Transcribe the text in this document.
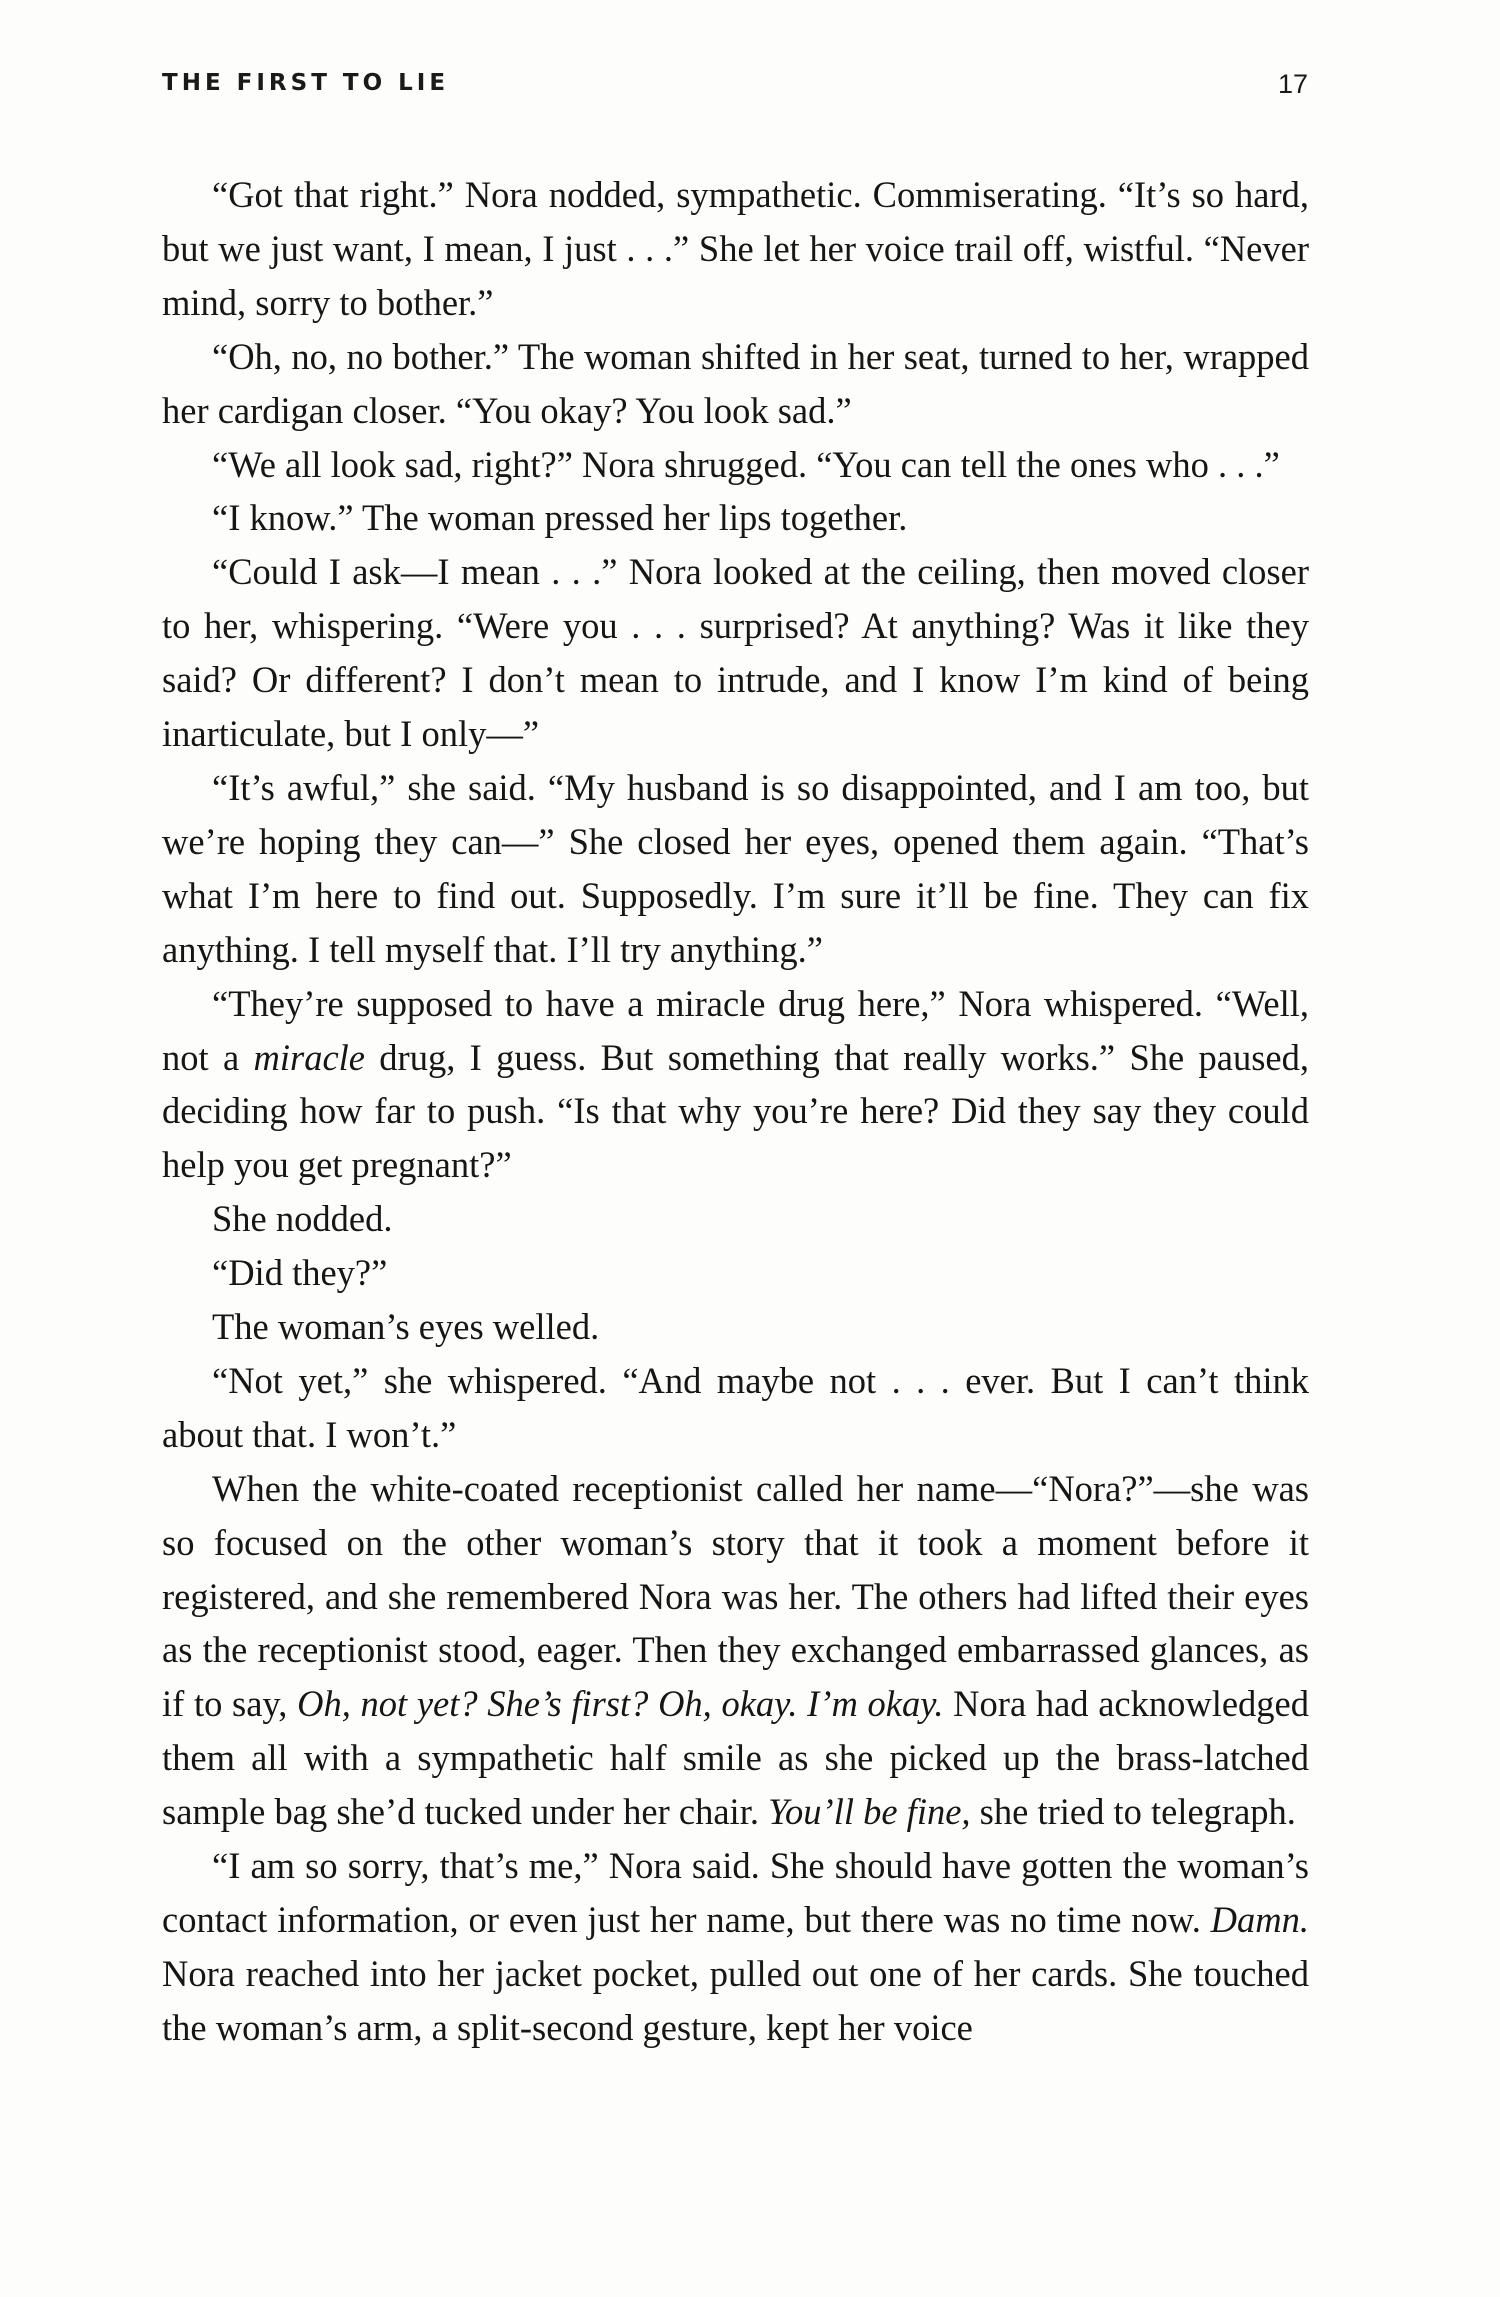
THE FIRST TO LIE	17

“Got that right.” Nora nodded, sympathetic. Commiserating. “It’s so hard, but we just want, I mean, I just . . .” She let her voice trail off, wistful. “Never mind, sorry to bother.”

“Oh, no, no bother.” The woman shifted in her seat, turned to her, wrapped her cardigan closer. “You okay? You look sad.”

“We all look sad, right?” Nora shrugged. “You can tell the ones who . . .”

“I know.” The woman pressed her lips together.

“Could I ask—I mean . . .” Nora looked at the ceiling, then moved closer to her, whispering. “Were you . . . surprised? At anything? Was it like they said? Or different? I don’t mean to intrude, and I know I’m kind of being inarticulate, but I only—”

“It’s awful,” she said. “My husband is so disappointed, and I am too, but we’re hoping they can—” She closed her eyes, opened them again. “That’s what I’m here to find out. Supposedly. I’m sure it’ll be fine. They can fix anything. I tell myself that. I’ll try anything.”

“They’re supposed to have a miracle drug here,” Nora whispered. “Well, not a miracle drug, I guess. But something that really works.” She paused, deciding how far to push. “Is that why you’re here? Did they say they could help you get pregnant?”

She nodded.

“Did they?”

The woman’s eyes welled.

“Not yet,” she whispered. “And maybe not . . . ever. But I can’t think about that. I won’t.”

When the white-coated receptionist called her name—“Nora?”—she was so focused on the other woman’s story that it took a moment before it registered, and she remembered Nora was her. The others had lifted their eyes as the receptionist stood, eager. Then they exchanged embarrassed glances, as if to say, Oh, not yet? She’s first? Oh, okay. I’m okay. Nora had acknowledged them all with a sympathetic half smile as she picked up the brass-latched sample bag she’d tucked under her chair. You’ll be fine, she tried to telegraph.

“I am so sorry, that’s me,” Nora said. She should have gotten the woman’s contact information, or even just her name, but there was no time now. Damn. Nora reached into her jacket pocket, pulled out one of her cards. She touched the woman’s arm, a split-second gesture, kept her voice
